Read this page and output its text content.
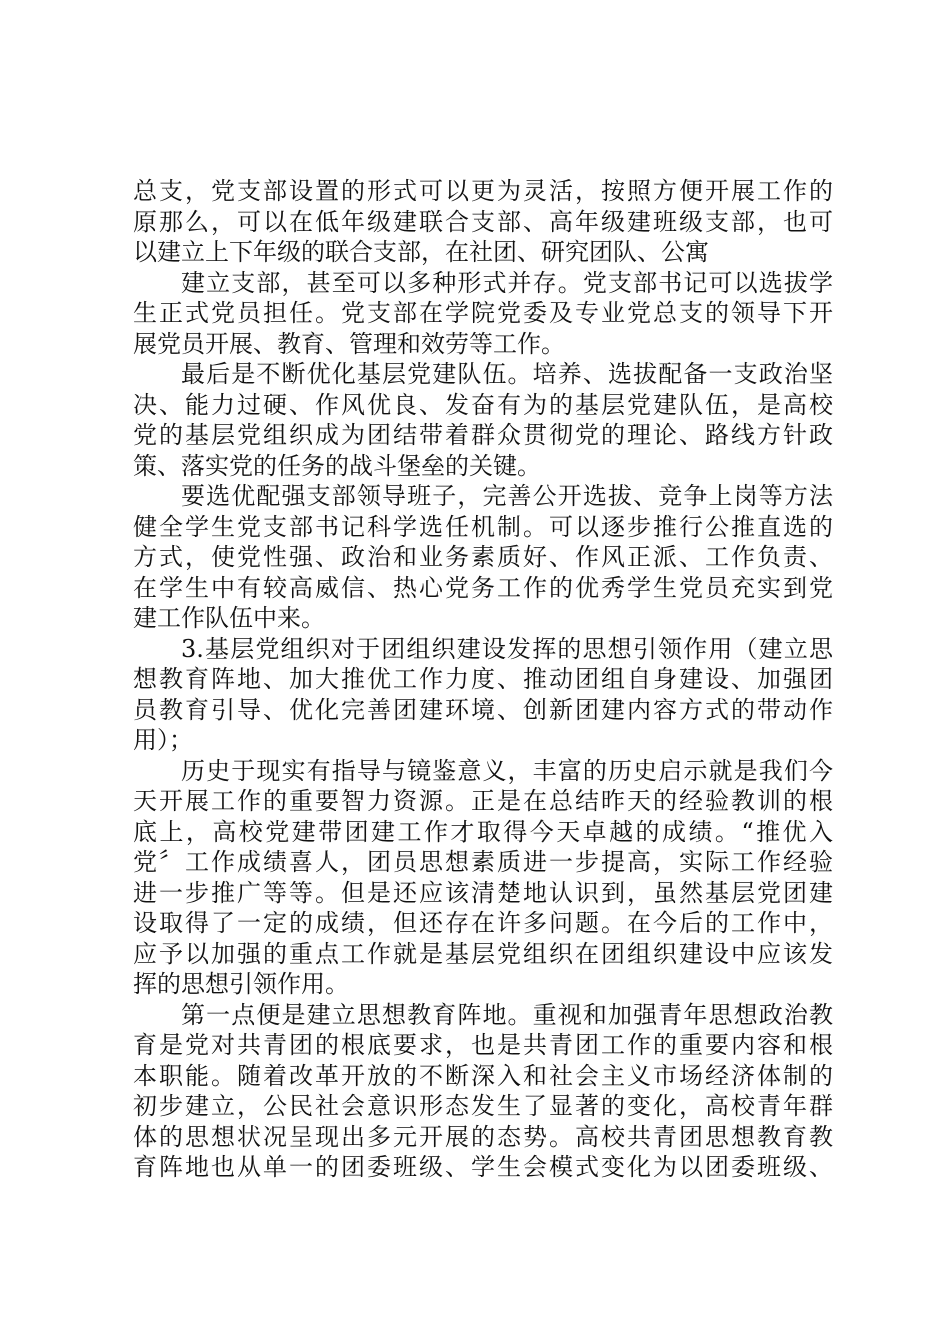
总支，党支部设置的形式可以更为灵活，按照方便开展工作的
原那么，可以在低年级建联合支部、高年级建班级支部，也可
以建立上下年级的联合支部，在社团、研究团队、公寓
建立支部，甚至可以多种形式并存。党支部书记可以选拔学
生正式党员担任。党支部在学院党委及专业党总支的领导下开
展党员开展、教育、管理和效劳等工作。
最后是不断优化基层党建队伍。培养、选拔配备一支政治坚
决、能力过硬、作风优良、发奋有为的基层党建队伍，是高校
党的基层党组织成为团结带着群众贯彻党的理论、路线方针政
策、落实党的任务的战斗堡垒的关键。
要选优配强支部领导班子，完善公开选拔、竞争上岗等方法
健全学生党支部书记科学选任机制。可以逐步推行公推直选的
方式，使党性强、政治和业务素质好、作风正派、工作负责、
在学生中有较高威信、热心党务工作的优秀学生党员充实到党
建工作队伍中来。
3.基层党组织对于团组织建设发挥的思想引领作用（建立思
想教育阵地、加大推优工作力度、推动团组自身建设、加强团
员教育引导、优化完善团建环境、创新团建内容方式的带动作
用）；
历史于现实有指导与镜鉴意义，丰富的历史启示就是我们今
天开展工作的重要智力资源。正是在总结昨天的经验教训的根
底上，高校党建带团建工作才取得今天卓越的成绩。“推优入
党〞工作成绩喜人，团员思想素质进一步提高，实际工作经验
进一步推广等等。但是还应该清楚地认识到，虽然基层党团建
设取得了一定的成绩，但还存在许多问题。在今后的工作中，
应予以加强的重点工作就是基层党组织在团组织建设中应该发
挥的思想引领作用。
第一点便是建立思想教育阵地。重视和加强青年思想政治教
育是党对共青团的根底要求，也是共青团工作的重要内容和根
本职能。随着改革开放的不断深入和社会主义市场经济体制的
初步建立，公民社会意识形态发生了显著的变化，高校青年群
体的思想状况呈现出多元开展的态势。高校共青团思想教育教
育阵地也从单一的团委班级、学生会模式变化为以团委班级、
